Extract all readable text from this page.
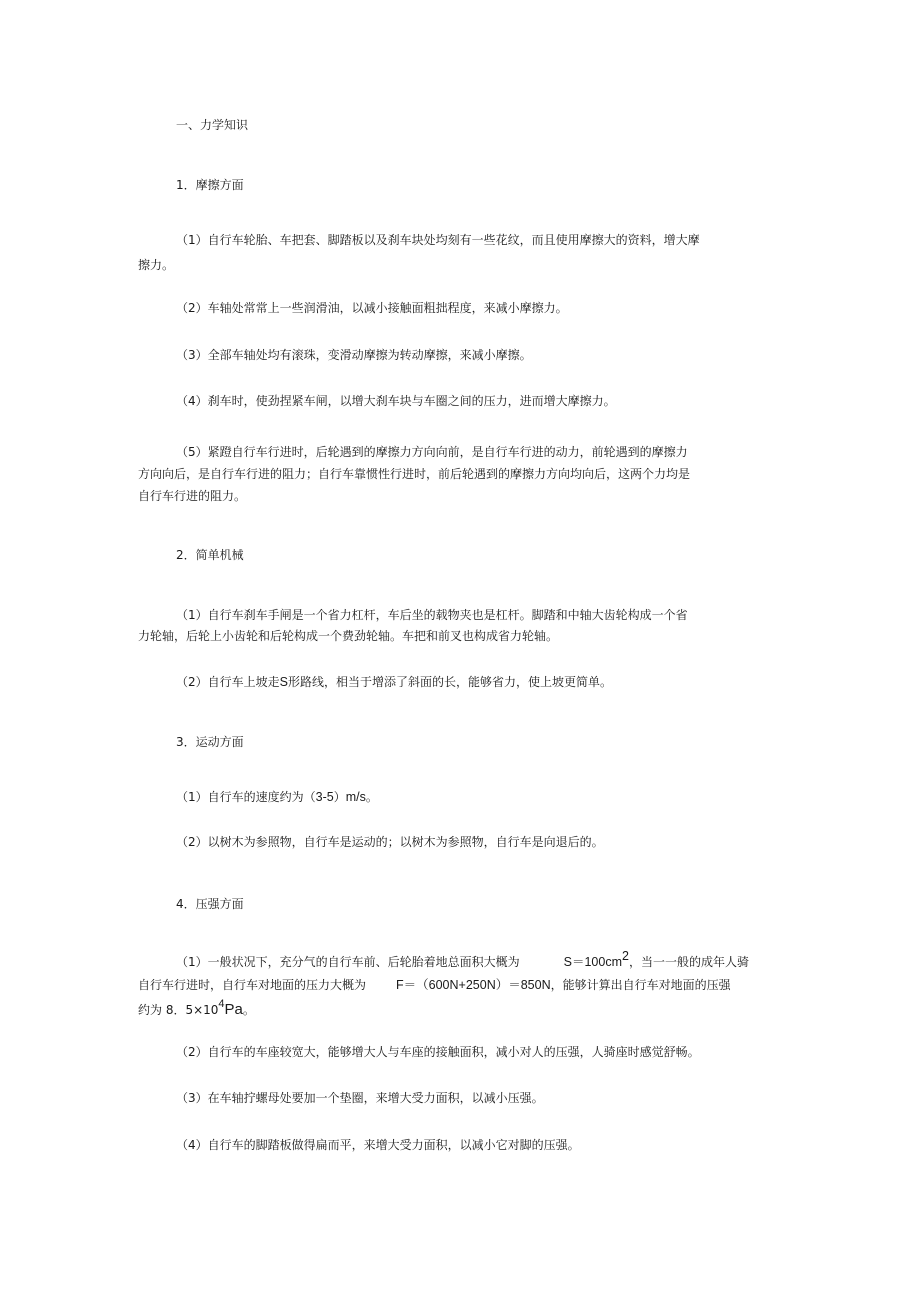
一、力学知识
1．摩擦方面
（1）自行车轮胎、车把套、脚踏板以及刹车块处均刻有一些花纹，而且使用摩擦大的资料，增大摩
擦力。
（2）车轴处常常上一些润滑油，以减小接触面粗拙程度，来减小摩擦力。
（3）全部车轴处均有滚珠，变滑动摩擦为转动摩擦，来减小摩擦。
（4）刹车时，使劲捏紧车闸，以增大刹车块与车圈之间的压力，进而增大摩擦力。
（5）紧蹬自行车行进时，后轮遇到的摩擦力方向向前，是自行车行进的动力，前轮遇到的摩擦力
方向向后，是自行车行进的阻力；自行车靠惯性行进时，前后轮遇到的摩擦力方向均向后，这两个力均是
自行车行进的阻力。
2．简单机械
（1）自行车刹车手闸是一个省力杠杆，车后坐的载物夹也是杠杆。脚踏和中轴大齿轮构成一个省
力轮轴，后轮上小齿轮和后轮构成一个费劲轮轴。车把和前叉也构成省力轮轴。
（2）自行车上坡走S形路线，相当于增添了斜面的长，能够省力，使上坡更简单。
3．运动方面
（1）自行车的速度约为（3-5）m/s。
（2）以树木为参照物，自行车是运动的；以树木为参照物，自行车是向退后的。
4．压强方面
（1）一般状况下，充分气的自行车前、后轮胎着地总面积大概为	$S=100cm^2$，当一一般的成年人骑
自行车行进时，自行车对地面的压力大概为 F＝（600N+250N）＝850N，能够计算出自行车对地面的压强
约为 8．$5\times 10^4Pa$。
（2）自行车的车座较宽大，能够增大人与车座的接触面积，减小对人的压强，人骑座时感觉舒畅。
（3）在车轴拧螺母处要加一个垫圈，来增大受力面积，以减小压强。
（4）自行车的脚踏板做得扁而平，来增大受力面积，以减小它对脚的压强。
